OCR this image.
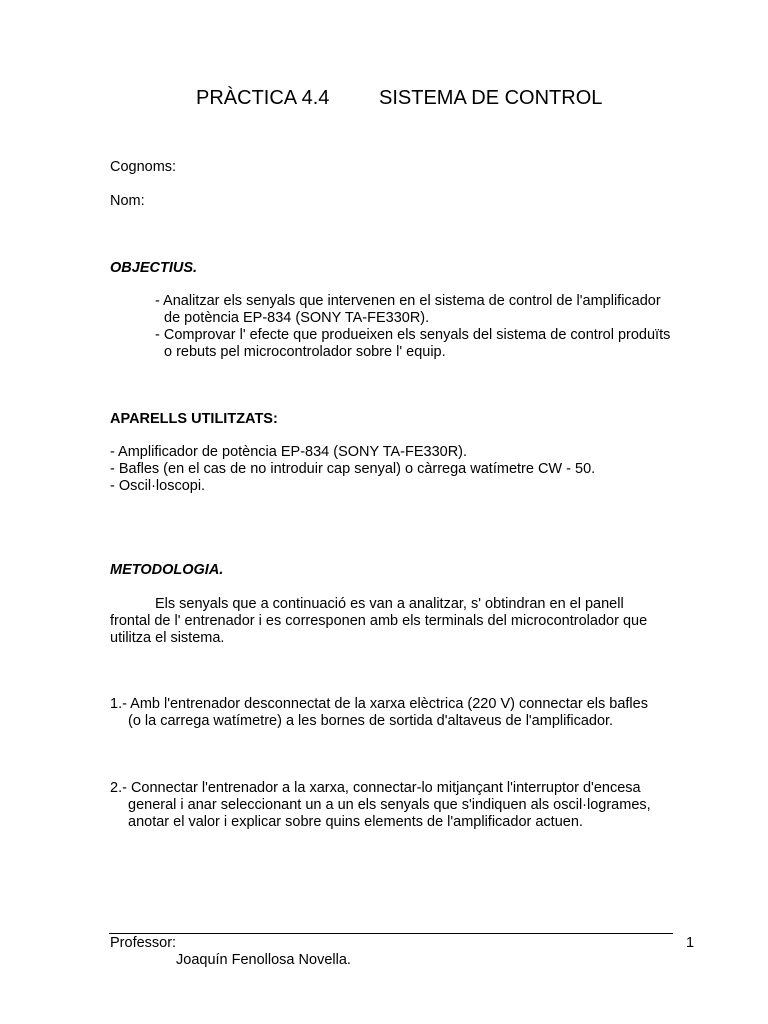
PRÀCTICA 4.4 SISTEMA DE CONTROL
Cognoms:
Nom:
OBJECTIUS.
- Analitzar els senyals que intervenen en el sistema de control de l'amplificador
de potència EP-834 (SONY TA-FE330R).
- Comprovar l' efecte que produeixen els senyals del sistema de control produïts
o rebuts pel microcontrolador sobre l' equip.
APARELLS UTILITZATS:
- Amplificador de potència EP-834 (SONY TA-FE330R).
- Bafles (en el cas de no introduir cap senyal) o càrrega watímetre CW - 50.
- Oscil·loscopi.
METODOLOGIA.
Els senyals que a continuació es van a analitzar, s' obtindran en el panell
frontal de l' entrenador i es corresponen amb els terminals del microcontrolador que
utilitza el sistema.
1.- Amb l'entrenador desconnectat de la xarxa elèctrica (220 V) connectar els bafles
(o la carrega watímetre) a les bornes de sortida d'altaveus de l'amplificador.
2.- Connectar l'entrenador a la xarxa, connectar-lo mitjançant l'interruptor d'encesa
general i anar seleccionant un a un els senyals que s'indiquen als oscil·logrames,
anotar el valor i explicar sobre quins elements de l'amplificador actuen.
Professor:
Joaquín Fenollosa Novella.
1
